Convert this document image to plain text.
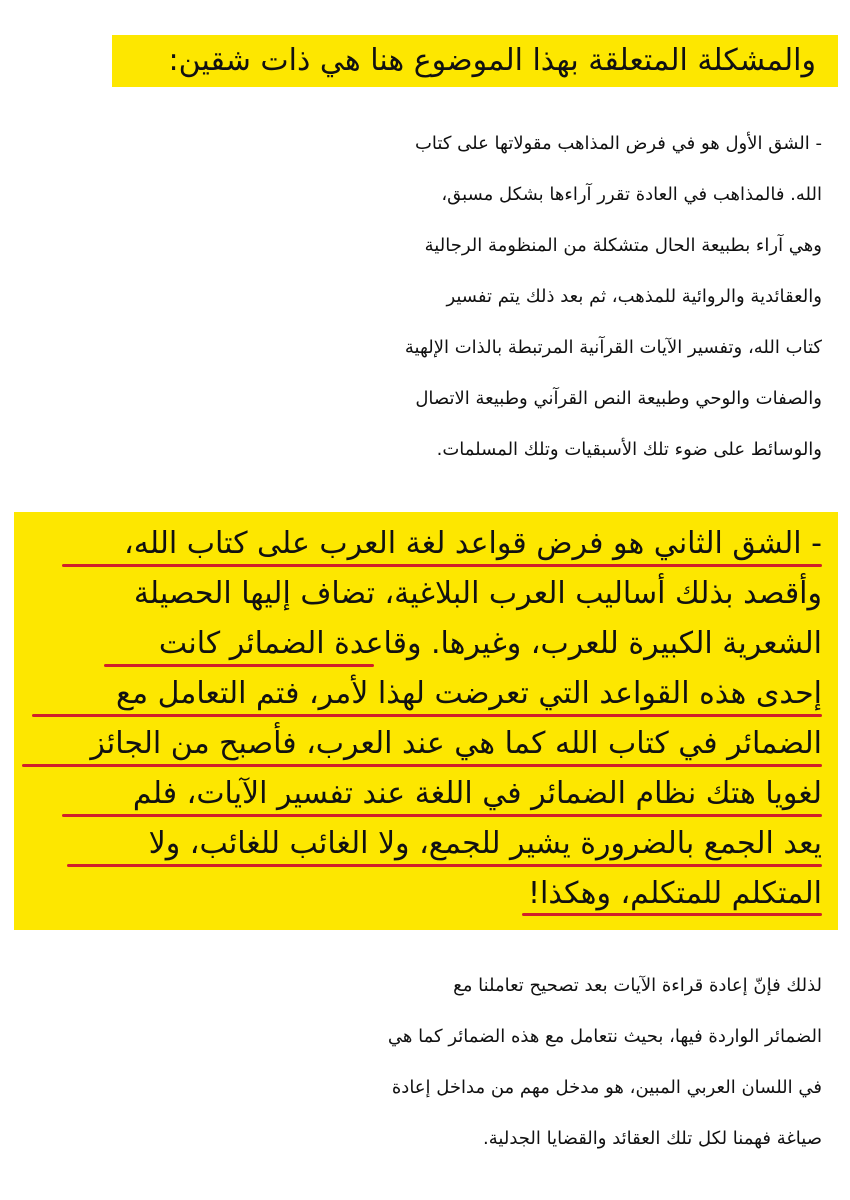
والمشكلة المتعلقة بهذا الموضوع هنا هي ذات شقين:
- الشق الأول هو في فرض المذاهب مقولاتها على كتاب
الله. فالمذاهب في العادة تقرر آراءها بشكل مسبق،
وهي آراء بطبيعة الحال متشكلة من المنظومة الرجالية
والعقائدية والروائية للمذهب، ثم بعد ذلك يتم تفسير
كتاب الله، وتفسير الآيات القرآنية المرتبطة بالذات الإلهية
والصفات والوحي وطبيعة النص القرآني وطبيعة الاتصال
والوسائط على ضوء تلك الأسبقيات وتلك المسلمات.
- الشق الثاني هو فرض قواعد لغة العرب على كتاب الله،
وأقصد بذلك أساليب العرب البلاغية، تضاف إليها الحصيلة
الشعرية الكبيرة للعرب، وغيرها. وقاعدة الضمائر كانت
إحدى هذه القواعد التي تعرضت لهذا لأمر، فتم التعامل مع
الضمائر في كتاب الله كما هي عند العرب، فأصبح من الجائز
لغويا هتك نظام الضمائر في اللغة عند تفسير الآيات، فلم
يعد الجمع بالضرورة يشير للجمع، ولا الغائب للغائب، ولا
المتكلم للمتكلم، وهكذا!
لذلك فإنّ إعادة قراءة الآيات بعد تصحيح تعاملنا مع
الضمائر الواردة فيها، بحيث نتعامل مع هذه الضمائر كما هي
في اللسان العربي المبين، هو مدخل مهم من مداخل إعادة
صياغة فهمنا لكل تلك العقائد والقضايا الجدلية.
